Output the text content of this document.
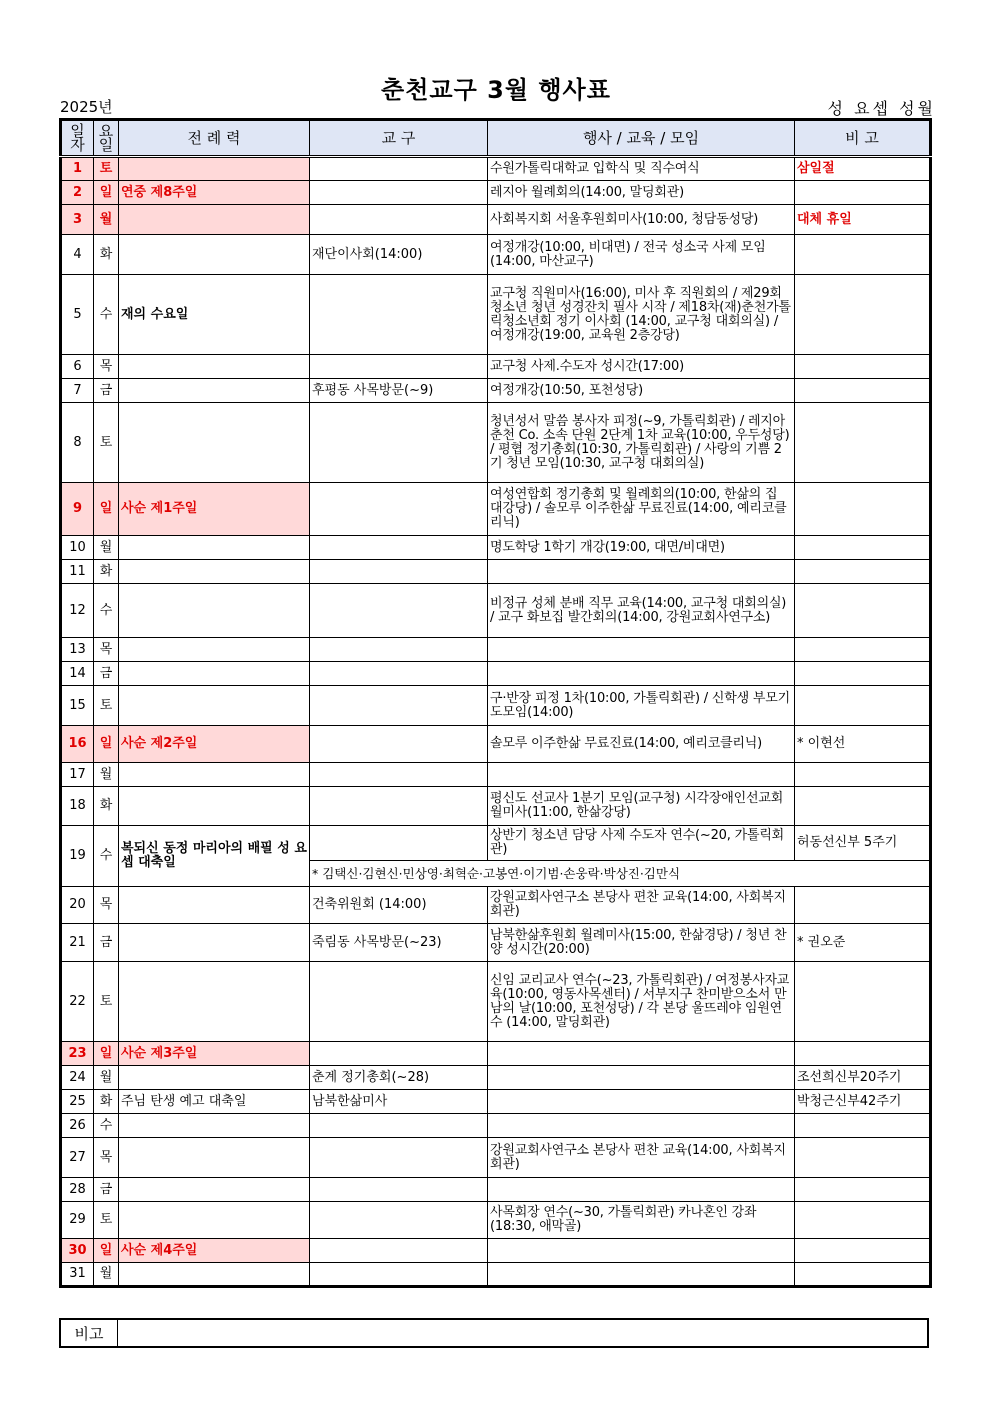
춘천교구 3월 행사표
2025년	성 요셉 성월
일자	요일	전 례 력	교 구	행사 / 교육 / 모임	비 고
1	토			수원가톨릭대학교 입학식 및 직수여식	삼일절
2	일	연중 제8주일		레지아 월례회의(14:00, 말딩회관)	
3	월			사회복지회 서울후원회미사(10:00, 청담동성당)	대체 휴일
4	화		재단이사회(14:00)	여정개강(10:00, 비대면) / 전국 성소국 사제 모임 (14:00, 마산교구)	
5	수	재의 수요일		교구청 직원미사(16:00), 미사 후 직원회의 / 제29회 청소년 청년 성경잔치 필사 시작 / 제18차(재)춘천가톨릭청소년회 정기 이사회 (14:00, 교구청 대회의실) / 여정개강(19:00, 교육원 2층강당)	
6	목			교구청 사제.수도자 성시간(17:00)	
7	금		후평동 사목방문(~9)	여정개강(10:50, 포천성당)	
8	토			청년성서 말씀 봉사자 피정(~9, 가톨릭회관) / 레지아 춘천 Co. 소속 단원 2단계 1차 교육(10:00, 우두성당) / 평협 정기총회(10:30, 가톨릭회관) / 사랑의 기쁨 2기 청년 모임(10:30, 교구청 대회의실)	
9	일	사순 제1주일		여성연합회 정기총회 및 월례회의(10:00, 한삶의 집 대강당) / 솔모루 이주한삶 무료진료(14:00, 예리코클리닉)	
10	월			명도학당 1학기 개강(19:00, 대면/비대면)	
11	화				
12	수			비정규 성체 분배 직무 교육(14:00, 교구청 대회의실) / 교구 화보집 발간회의(14:00, 강원교회사연구소)	
13	목				
14	금				
15	토			구·반장 피정 1차(10:00, 가톨릭회관) / 신학생 부모기도모임(14:00)	
16	일	사순 제2주일		솔모루 이주한삶 무료진료(14:00, 예리코클리닉)	* 이현선
17	월				
18	화			평신도 선교사 1분기 모임(교구청) 시각장애인선교회 월미사(11:00, 한삶강당)	
19	수	복되신 동정 마리아의 배필 성 요셉 대축일		상반기 청소년 담당 사제 수도자 연수(~20, 가톨릭회관)	허동선신부 5주기
			* 김택신·김현신·민상영·최혁순·고봉연·이기범·손웅락·박상진·김만식		
20	목		건축위원회 (14:00)	강원교회사연구소 본당사 편찬 교육(14:00, 사회복지회관)	
21	금		죽림동 사목방문(~23)	남북한삶후원회 월례미사(15:00, 한삶경당) / 청년 찬양 성시간(20:00)	* 권오준
22	토			신임 교리교사 연수(~23, 가톨릭회관) / 여정봉사자교육(10:00, 영동사목센터) / 서부지구 찬미받으소서 만남의 날(10:00, 포천성당) / 각 본당 울뜨레야 임원연수 (14:00, 말딩회관)	
23	일	사순 제3주일			
24	월		춘계 정기총회(~28)		조선희신부20주기
25	화	주님 탄생 예고 대축일	남북한삶미사		박청근신부42주기
26	수				
27	목			강원교회사연구소 본당사 편찬 교육(14:00, 사회복지회관)	
28	금				
29	토			사목회장 연수(~30, 가톨릭회관) 카나혼인 강좌 (18:30, 애막골)	
30	일	사순 제4주일			
31	월				
비고	
